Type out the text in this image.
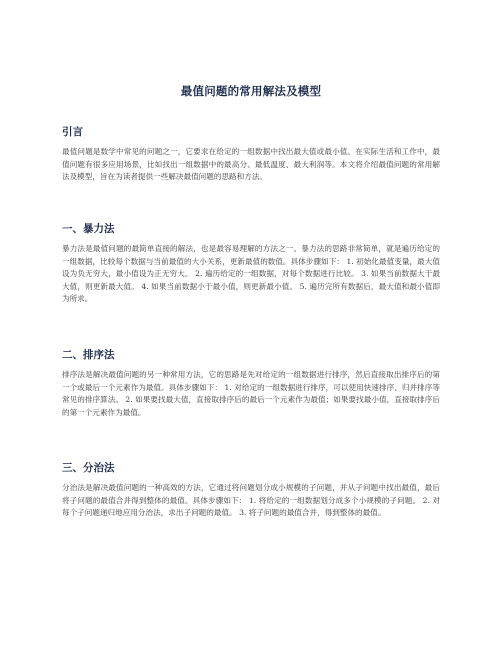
最值问题的常用解法及模型
引言

最值问题是数学中常见的问题之一，它要求在给定的一组数据中找出最大值或最小值。在实际生活和工作中，最值问题有很多应用场景，比如找出一组数据中的最高分、最低温度、最大利润等。本文将介绍最值问题的常用解法及模型，旨在为读者提供一些解决最值问题的思路和方法。

一、暴力法

暴力法是最值问题的最简单直接的解法，也是最容易理解的方法之一。暴力法的思路非常简单，就是遍历给定的一组数据，比较每个数据与当前最值的大小关系，更新最值的数值。具体步骤如下： 1. 初始化最值变量，最大值设为负无穷大，最小值设为正无穷大。 2. 遍历给定的一组数据，对每个数据进行比较。 3. 如果当前数据大于最大值，则更新最大值。 4. 如果当前数据小于最小值，则更新最小值。 5. 遍历完所有数据后，最大值和最小值即为所求。

二、排序法

排序法是解决最值问题的另一种常用方法，它的思路是先对给定的一组数据进行排序，然后直接取出排序后的第一个或最后一个元素作为最值。具体步骤如下： 1. 对给定的一组数据进行排序，可以使用快速排序、归并排序等常见的排序算法。 2. 如果要找最大值，直接取排序后的最后一个元素作为最值；如果要找最小值，直接取排序后的第一个元素作为最值。

三、分治法

分治法是解决最值问题的一种高效的方法，它通过将问题划分成小规模的子问题，并从子问题中找出最值，最后将子问题的最值合并得到整体的最值。具体步骤如下： 1. 将给定的一组数据划分成多个小规模的子问题。 2. 对每个子问题递归地应用分治法，求出子问题的最值。 3. 将子问题的最值合并，得到整体的最值。
